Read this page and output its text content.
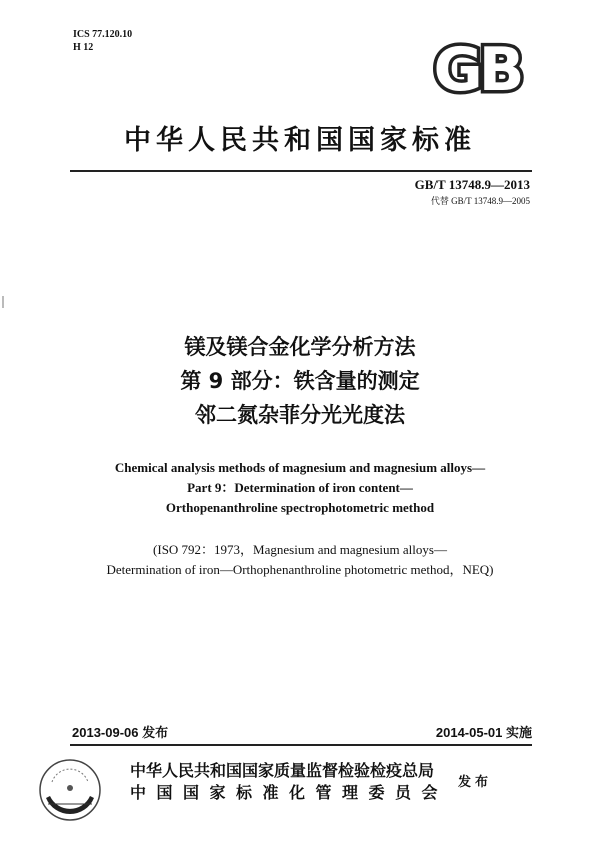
ICS 77.120.10
H 12	GB
中华人民共和国国家标准
GB/T 13748.9—2013
代替 GB/T 13748.9—2005
镁及镁合金化学分析方法
第 9 部分：铁含量的测定
邻二氮杂菲分光光度法
Chemical analysis methods of magnesium and magnesium alloys—
Part 9：Determination of iron content—
Orthopenanthroline spectrophotometric method
(ISO 792：1973，Magnesium and magnesium alloys—
Determination of iron—Orthophenanthroline photometric method，NEQ)
2013-09-06 发布	2014-05-01 实施
中华人民共和国国家质量监督检验检疫总局
中国国家标准化管理委员会
发布
